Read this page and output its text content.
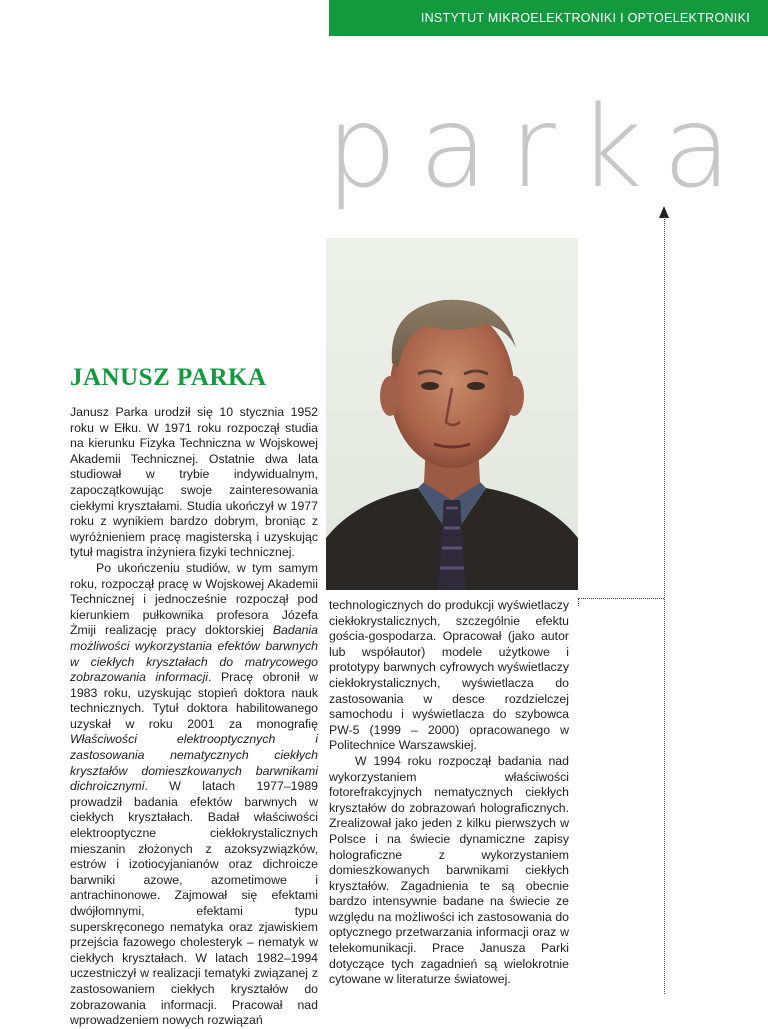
INSTYTUT MIKROELEKTRONIKI I OPTOELEKTRONIKI
parka
JANUSZ PARKA

Janusz Parka urodził się 10 stycznia 1952 roku w Ełku. W 1971 roku rozpoczął studia na kierunku Fizyka Techniczna w Wojskowej Akademii Technicznej. Ostatnie dwa lata studiował w trybie indywidualnym, zapoczątkowując swoje zainteresowania ciekłymi kryształami. Studia ukończył w 1977 roku z wynikiem bardzo dobrym, broniąc z wyróżnieniem pracę magisterską i uzyskując tytuł magistra inżyniera fizyki technicznej.

Po ukończeniu studiów, w tym samym roku, rozpoczął pracę w Wojskowej Akademii Technicznej i jednocześnie rozpoczął pod kierunkiem pułkownika profesora Józefa Żmiji realizację pracy doktorskiej Badania możliwości wykorzystania efektów barwnych w ciekłych kryształach do matrycowego zobrazowania informacji. Pracę obronił w 1983 roku, uzyskując stopień doktora nauk technicznych. Tytuł doktora habilitowanego uzyskał w roku 2001 za monografię Właściwości elektrooptycznych i zastosowania nematycznych ciekłych kryształów domieszkowanych barwnikami dichroicznymi. W latach 1977–1989 prowadził badania efektów barwnych w ciekłych kryształach. Badał właściwości elektrooptyczne ciekłokrystalicznych mieszanin złożonych z azoksyzwiązków, estrów i izotiocyjanianów oraz dichroicze barwniki azowe, azometimowe i antrachinonowe. Zajmował się efektami dwójłomnymi, efektami typu superskręconego nematyka oraz zjawiskiem przejścia fazowego cholesteryk – nematyk w ciekłych kryształach. W latach 1982–1994 uczestniczył w realizacji tematyki związanej z zastosowaniem ciekłych kryształów do zobrazowania informacji. Pracował nad wprowadzeniem nowych rozwiązań

technologicznych do produkcji wyświetlaczy ciekłokrystalicznych, szczególnie efektu gościa-gospodarza. Opracował (jako autor lub współautor) modele użytkowe i prototypy barwnych cyfrowych wyświetlaczy ciekłokrystalicznych, wyświetlacza do zastosowania w desce rozdzielczej samochodu i wyświetlacza do szybowca PW-5 (1999 – 2000) opracowanego w Politechnice Warszawskiej.

W 1994 roku rozpoczął badania nad wykorzystaniem właściwości fotorefrakcyjnych nematycznych ciekłych kryształów do zobrazowań holograficznych. Zrealizował jako jeden z kilku pierwszych w Polsce i na świecie dynamiczne zapisy holograficzne z wykorzystaniem domieszkowanych barwnikami ciekłych kryształów. Zagadnienia te są obecnie bardzo intensywnie badane na świecie ze względu na możliwości ich zastosowania do optycznego przetwarzania informacji oraz w telekomunikacji. Prace Janusza Parki dotyczące tych zagadnień są wielokrotnie cytowane w literaturze światowej.
